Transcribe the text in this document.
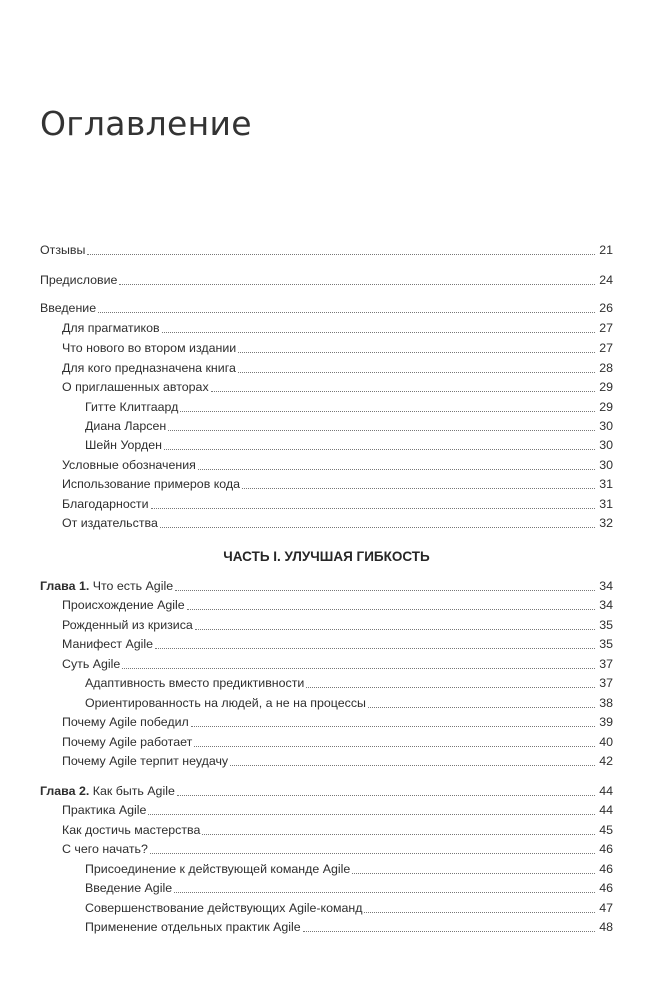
Оглавление
Отзывы	21
Предисловие	24
Введение	26
Для прагматиков	27
Что нового во втором издании	27
Для кого предназначена книга	28
О приглашенных авторах	29
Гитте Клитгаард	29
Диана Ларсен	30
Шейн Уорден	30
Условные обозначения	30
Использование примеров кода	31
Благодарности	31
От издательства	32
ЧАСТЬ I. УЛУЧШАЯ ГИБКОСТЬ
Глава 1. Что есть Agile	34
Происхождение Agile	34
Рожденный из кризиса	35
Манифест Agile	35
Суть Agile	37
Адаптивность вместо предиктивности	37
Ориентированность на людей, а не на процессы	38
Почему Agile победил	39
Почему Agile работает	40
Почему Agile терпит неудачу	42
Глава 2. Как быть Agile	44
Практика Agile	44
Как достичь мастерства	45
С чего начать?	46
Присоединение к действующей команде Agile	46
Введение Agile	46
Совершенствование действующих Agile-команд	47
Применение отдельных практик Agile	48
